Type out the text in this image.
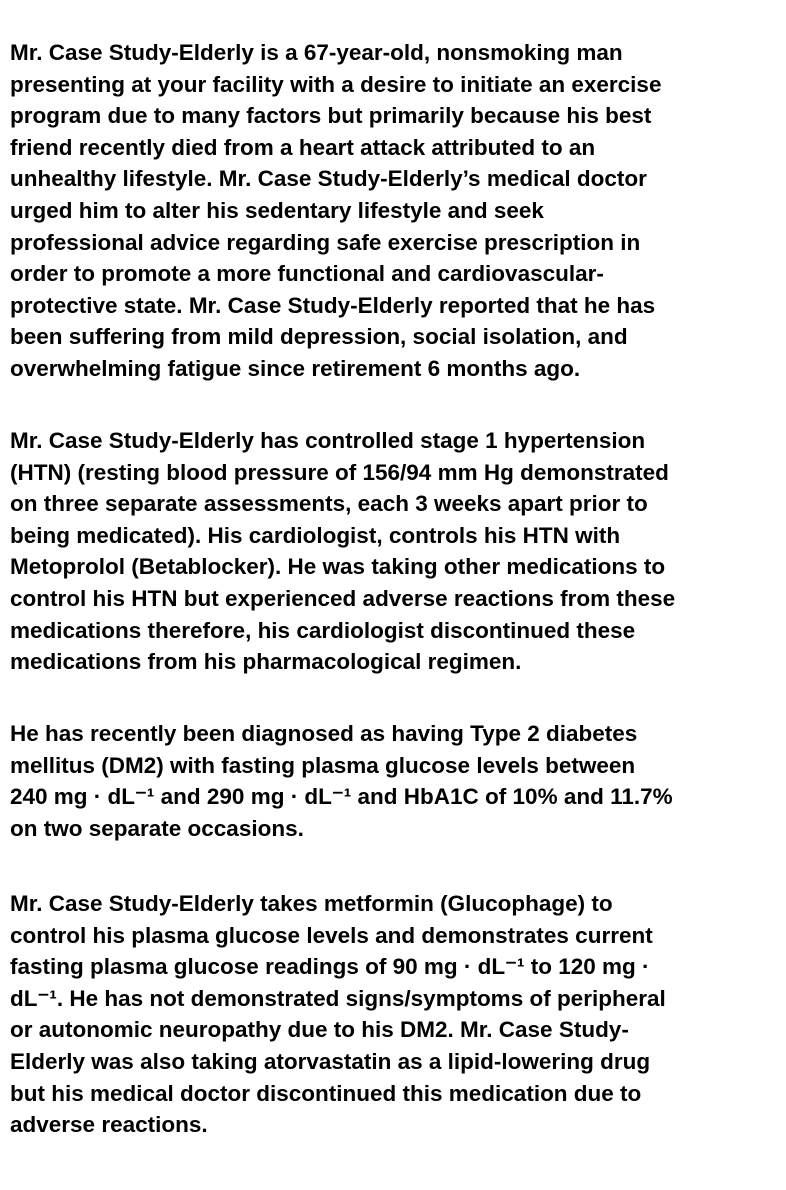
Mr. Case Study-Elderly is a 67-year-old, nonsmoking man
presenting at your facility with a desire to initiate an exercise
program due to many factors but primarily because his best
friend recently died from a heart attack attributed to an
unhealthy lifestyle. Mr. Case Study-Elderly’s medical doctor
urged him to alter his sedentary lifestyle and seek
professional advice regarding safe exercise prescription in
order to promote a more functional and cardiovascular-
protective state. Mr. Case Study-Elderly reported that he has
been suffering from mild depression, social isolation, and
overwhelming fatigue since retirement 6 months ago.

Mr. Case Study-Elderly has controlled stage 1 hypertension
(HTN) (resting blood pressure of 156/94 mm Hg demonstrated
on three separate assessments, each 3 weeks apart prior to
being medicated). His cardiologist, controls his HTN with
Metoprolol (Betablocker). He was taking other medications to
control his HTN but experienced adverse reactions from these
medications therefore, his cardiologist discontinued these
medications from his pharmacological regimen.

He has recently been diagnosed as having Type 2 diabetes
mellitus (DM2) with fasting plasma glucose levels between
240 mg · dL⁻¹ and 290 mg · dL⁻¹ and HbA1C of 10% and 11.7%
on two separate occasions.

Mr. Case Study-Elderly takes metformin (Glucophage) to
control his plasma glucose levels and demonstrates current
fasting plasma glucose readings of 90 mg · dL⁻¹ to 120 mg ·
dL⁻¹. He has not demonstrated signs/symptoms of peripheral
or autonomic neuropathy due to his DM2. Mr. Case Study-
Elderly was also taking atorvastatin as a lipid-lowering drug
but his medical doctor discontinued this medication due to
adverse reactions.
